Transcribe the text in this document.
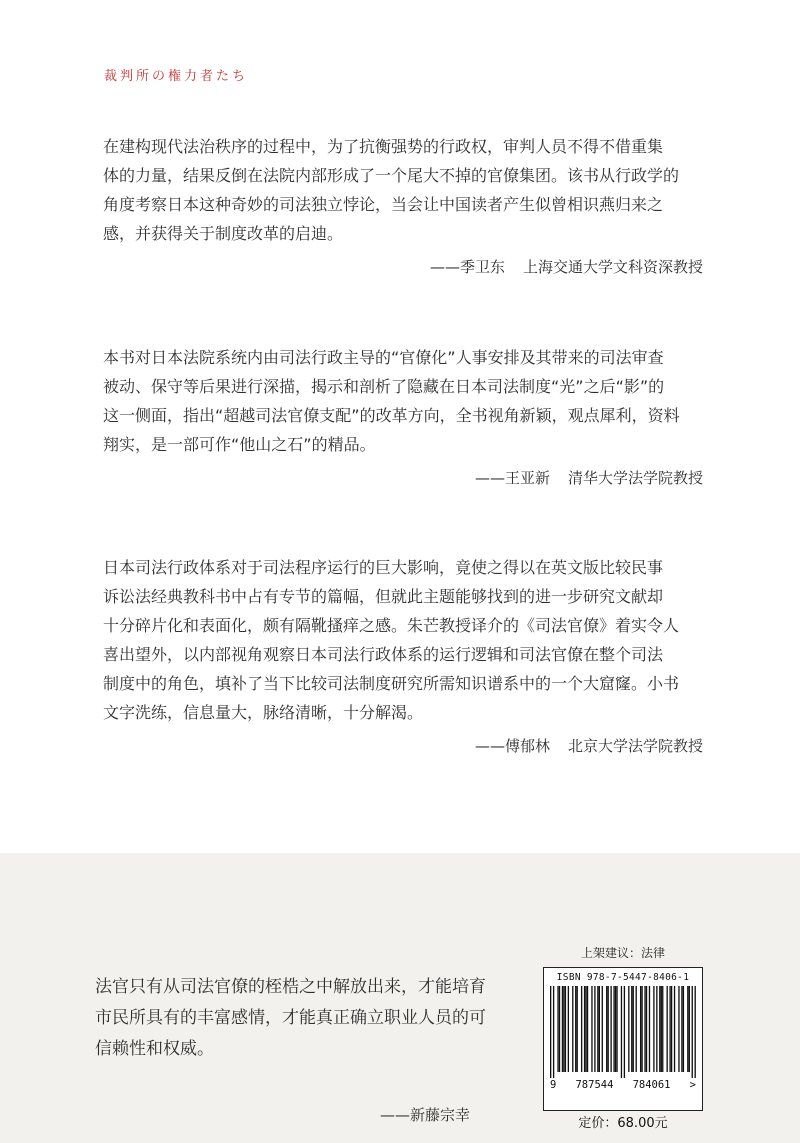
裁判所の権力者たち
在建构现代法治秩序的过程中，为了抗衡强势的行政权，审判人员不得不借重集
体的力量，结果反倒在法院内部形成了一个尾大不掉的官僚集团。该书从行政学的
角度考察日本这种奇妙的司法独立悖论，当会让中国读者产生似曾相识燕归来之
感，并获得关于制度改革的启迪。
——季卫东 上海交通大学文科资深教授
本书对日本法院系统内由司法行政主导的“官僚化”人事安排及其带来的司法审查
被动、保守等后果进行深描，揭示和剖析了隐藏在日本司法制度“光”之后“影”的
这一侧面，指出“超越司法官僚支配”的改革方向，全书视角新颖，观点犀利，资料
翔实，是一部可作“他山之石”的精品。
——王亚新 清华大学法学院教授
日本司法行政体系对于司法程序运行的巨大影响，竟使之得以在英文版比较民事
诉讼法经典教科书中占有专节的篇幅，但就此主题能够找到的进一步研究文献却
十分碎片化和表面化，颇有隔靴搔痒之感。朱芒教授译介的《司法官僚》着实令人
喜出望外，以内部视角观察日本司法行政体系的运行逻辑和司法官僚在整个司法
制度中的角色，填补了当下比较司法制度研究所需知识谱系中的一个大窟窿。小书
文字洗练，信息量大，脉络清晰，十分解渴。
——傅郁林 北京大学法学院教授
法官只有从司法官僚的桎梏之中解放出来，才能培育
市民所具有的丰富感情，才能真正确立职业人员的可
信赖性和权威。
——新藤宗幸
上架建议：法律
ISBN 978-7-5447-8406-1
9 787544 784061 >
定价：68.00元
